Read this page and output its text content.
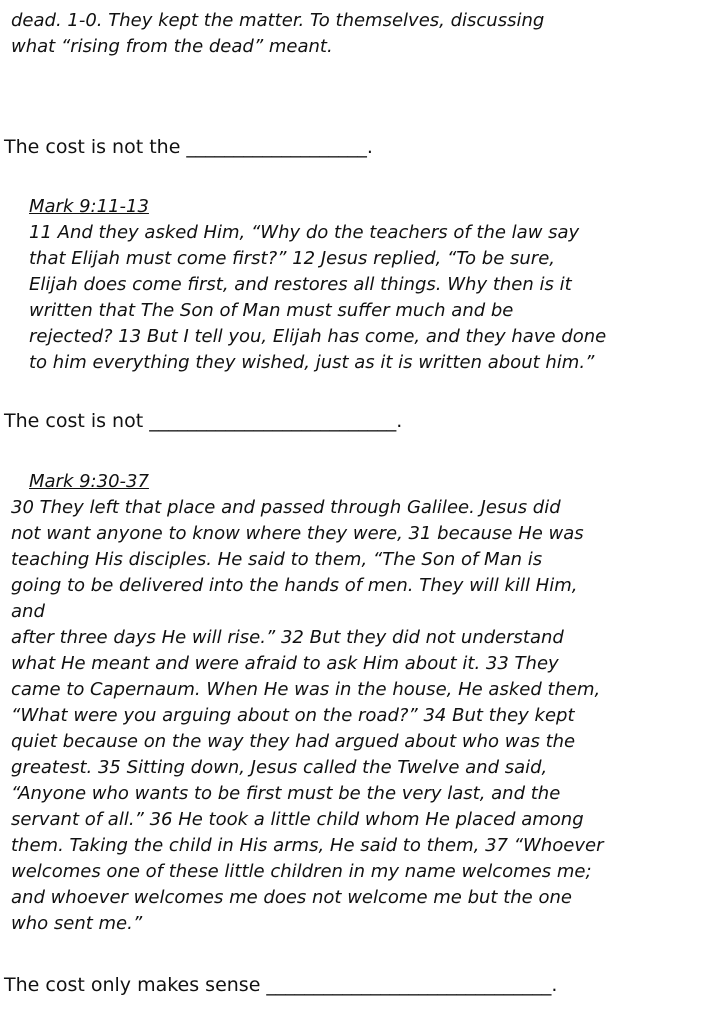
dead. 1-0. They kept the matter. To themselves, discussing
what “rising from the dead” meant.

The cost is not the ___________________.

Mark 9:11-13

11 And they asked Him, “Why do the teachers of the law say
that Elijah must come first?” 12 Jesus replied, “To be sure,
Elijah does come first, and restores all things. Why then is it
written that The Son of Man must suffer much and be
rejected? 13 But I tell you, Elijah has come, and they have done
to him everything they wished, just as it is written about him.”

The cost is not __________________________.

Mark 9:30-37

30 They left that place and passed through Galilee. Jesus did
not want anyone to know where they were, 31 because He was
teaching His disciples. He said to them, “The Son of Man is
going to be delivered into the hands of men. They will kill Him,
and
after three days He will rise.” 32 But they did not understand
what He meant and were afraid to ask Him about it. 33 They
came to Capernaum. When He was in the house, He asked them,
“What were you arguing about on the road?” 34 But they kept
quiet because on the way they had argued about who was the
greatest. 35 Sitting down, Jesus called the Twelve and said,
“Anyone who wants to be first must be the very last, and the
servant of all.” 36 He took a little child whom He placed among
them. Taking the child in His arms, He said to them, 37 “Whoever
welcomes one of these little children in my name welcomes me;
and whoever welcomes me does not welcome me but the one
who sent me.”

The cost only makes sense ______________________________.
